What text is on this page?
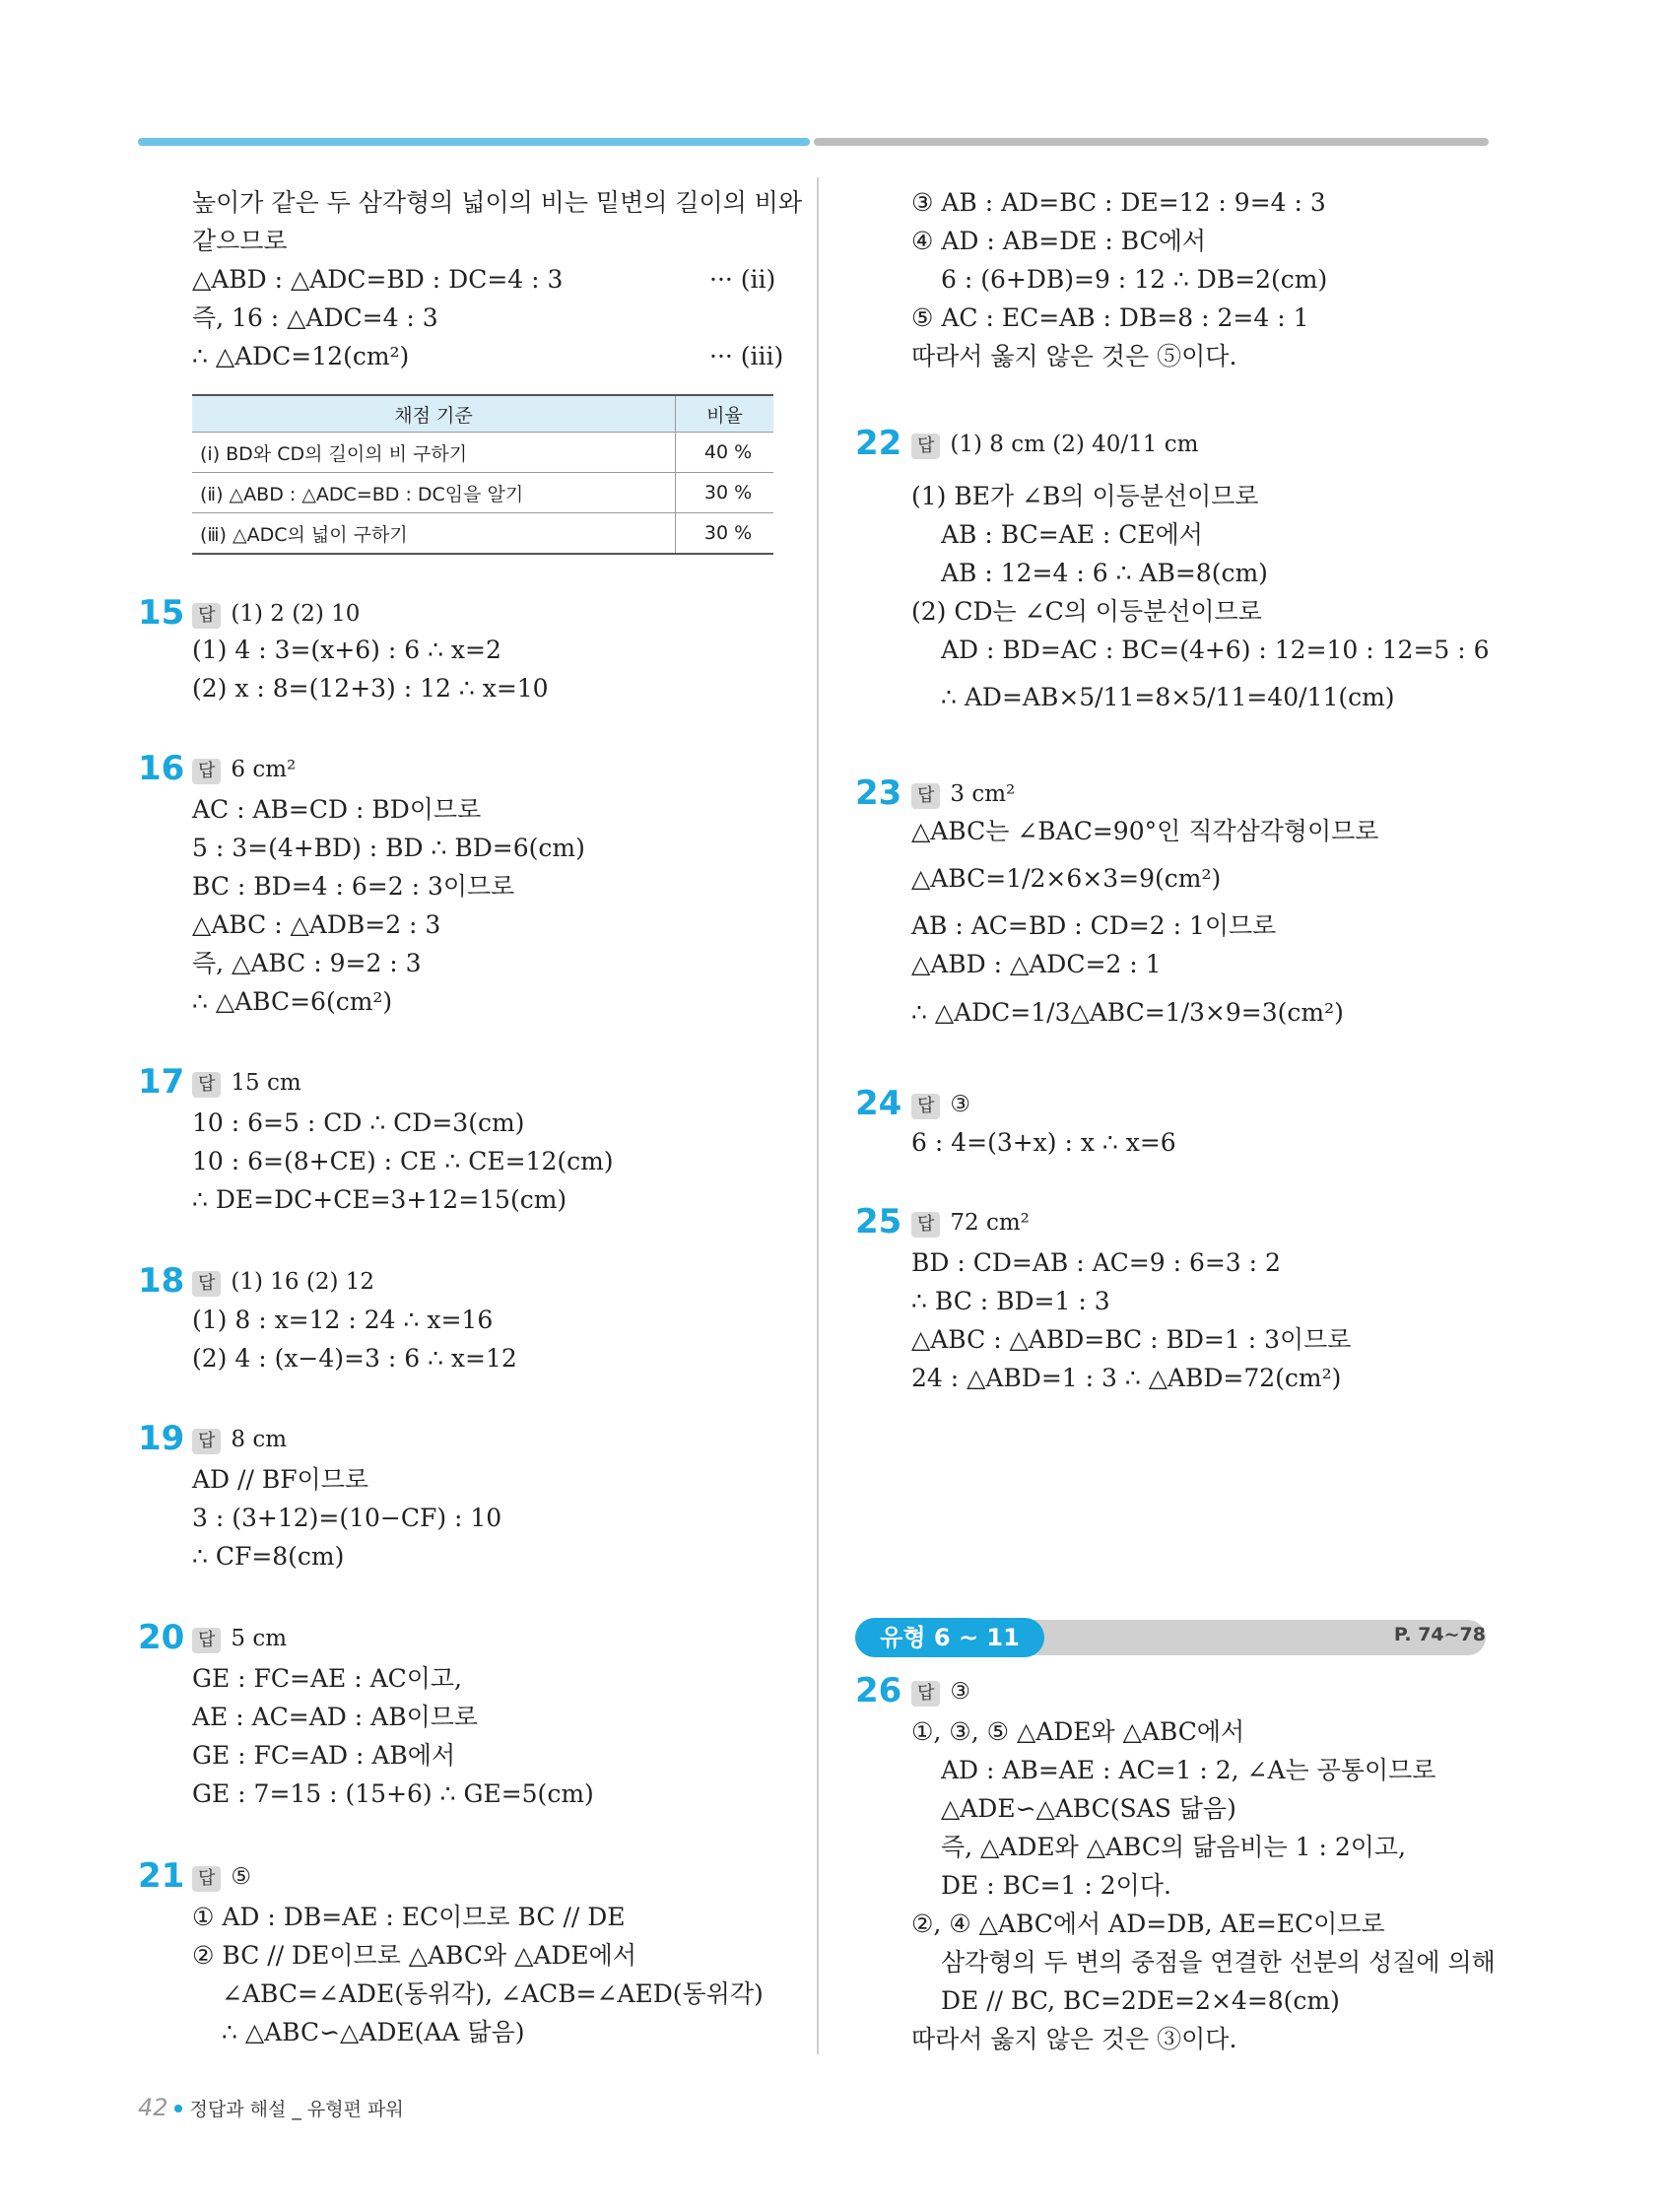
높이가 같은 두 삼각형의 넓이의 비는 밑변의 길이의 비와
같으므로
△ABD : △ADC=BD : DC=4 : 3	··· (ⅱ)
즉, 16 : △ADC=4 : 3
∴ △ADC=12(cm²)	··· (ⅲ)
채점 기준	비율
(ⅰ) BD와 CD의 길이의 비 구하기	40 %
(ⅱ) △ABD : △ADC=BD : DC임을 알기	30 %
(ⅲ) △ADC의 넓이 구하기	30 %
15 답 (1) 2 (2) 10
(1) 4 : 3=(x+6) : 6 ∴ x=2
(2) x : 8=(12+3) : 12 ∴ x=10
16 답 6 cm²
AC : AB=CD : BD이므로
5 : 3=(4+BD) : BD ∴ BD=6(cm)
BC : BD=4 : 6=2 : 3이므로
△ABC : △ADB=2 : 3
즉, △ABC : 9=2 : 3
∴ △ABC=6(cm²)
17 답 15 cm
10 : 6=5 : CD ∴ CD=3(cm)
10 : 6=(8+CE) : CE ∴ CE=12(cm)
∴ DE=DC+CE=3+12=15(cm)
18 답 (1) 16 (2) 12
(1) 8 : x=12 : 24 ∴ x=16
(2) 4 : (x−4)=3 : 6 ∴ x=12
19 답 8 cm
AD // BF이므로
3 : (3+12)=(10−CF) : 10
∴ CF=8(cm)
20 답 5 cm
GE : FC=AE : AC이고,
AE : AC=AD : AB이므로
GE : FC=AD : AB에서
GE : 7=15 : (15+6) ∴ GE=5(cm)
21 답 ⑤
① AD : DB=AE : EC이므로 BC // DE
② BC // DE이므로 △ABC와 △ADE에서
∠ABC=∠ADE(동위각), ∠ACB=∠AED(동위각)
∴ △ABC∽△ADE(AA 닮음)
③ AB : AD=BC : DE=12 : 9=4 : 3
④ AD : AB=DE : BC에서
6 : (6+DB)=9 : 12 ∴ DB=2(cm)
⑤ AC : EC=AB : DB=8 : 2=4 : 1
따라서 옳지 않은 것은 ⑤이다.
22 답 (1) 8 cm (2) 40/11 cm
(1) BE가 ∠B의 이등분선이므로
AB : BC=AE : CE에서
AB : 12=4 : 6 ∴ AB=8(cm)
(2) CD는 ∠C의 이등분선이므로
AD : BD=AC : BC=(4+6) : 12=10 : 12=5 : 6
∴ AD=AB×5/11=8×5/11=40/11(cm)
23 답 3 cm²
△ABC는 ∠BAC=90°인 직각삼각형이므로
△ABC=1/2×6×3=9(cm²)
AB : AC=BD : CD=2 : 1이므로
△ABD : △ADC=2 : 1
∴ △ADC=1/3△ABC=1/3×9=3(cm²)
24 답 ③
6 : 4=(3+x) : x ∴ x=6
25 답 72 cm²
BD : CD=AB : AC=9 : 6=3 : 2
∴ BC : BD=1 : 3
△ABC : △ABD=BC : BD=1 : 3이므로
24 : △ABD=1 : 3 ∴ △ABD=72(cm²)
유형 6 ~ 11	P. 74~78
26 답 ③
①, ③, ⑤ △ADE와 △ABC에서
AD : AB=AE : AC=1 : 2, ∠A는 공통이므로
△ADE∽△ABC(SAS 닮음)
즉, △ADE와 △ABC의 닮음비는 1 : 2이고,
DE : BC=1 : 2이다.
②, ④ △ABC에서 AD=DB, AE=EC이므로
삼각형의 두 변의 중점을 연결한 선분의 성질에 의해
DE // BC, BC=2DE=2×4=8(cm)
따라서 옳지 않은 것은 ③이다.
42 정답과 해설 _ 유형편 파워
